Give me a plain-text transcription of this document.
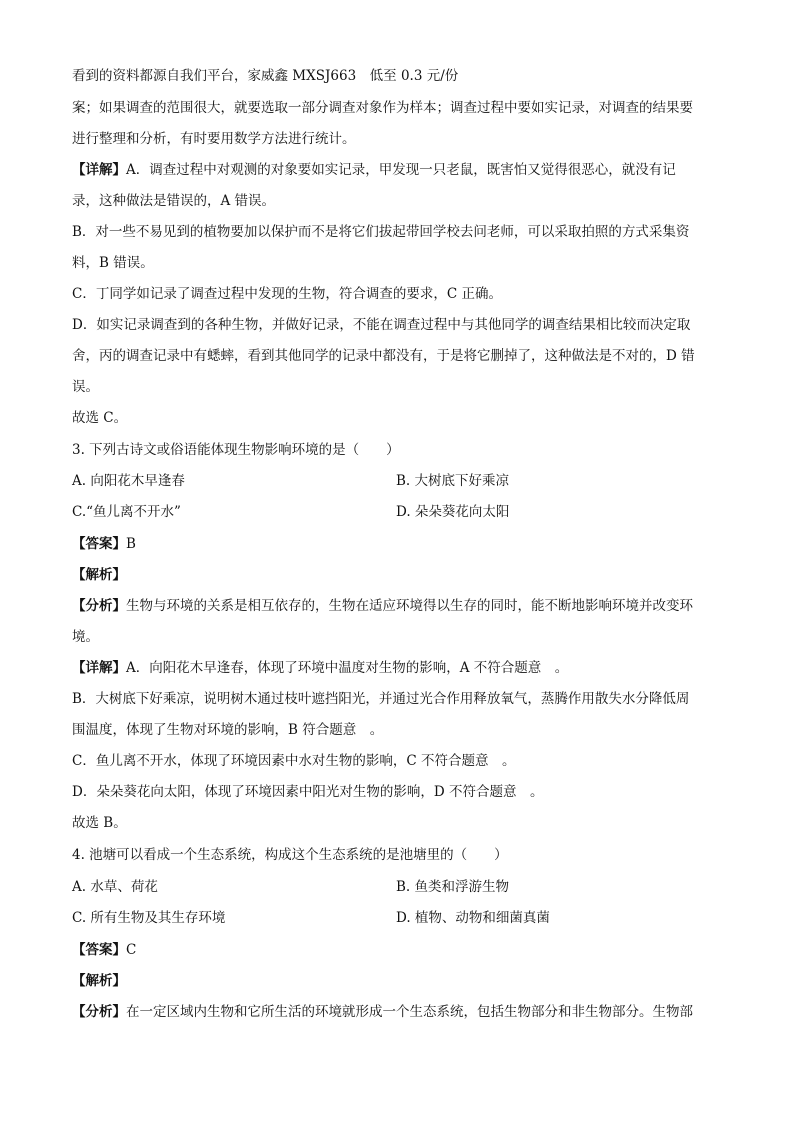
看到的资料都源自我们平台，家威鑫 MXSJ663　低至 0.3 元/份
案；如果调查的范围很大，就要选取一部分调查对象作为样本；调查过程中要如实记录，对调查的结果要
进行整理和分析，有时要用数学方法进行统计。
【详解】A．调查过程中对观测的对象要如实记录，甲发现一只老鼠，既害怕又觉得很恶心，就没有记
录，这种做法是错误的，A 错误。
B．对一些不易见到的植物要加以保护而不是将它们拔起带回学校去问老师，可以采取拍照的方式采集资
料，B 错误。
C．丁同学如记录了调查过程中发现的生物，符合调查的要求，C 正确。
D．如实记录调查到的各种生物，并做好记录，不能在调查过程中与其他同学的调查结果相比较而决定取
舍，丙的调查记录中有蟋蟀，看到其他同学的记录中都没有，于是将它删掉了，这种做法是不对的，D 错
误。
故选 C。
3. 下列古诗文或俗语能体现生物影响环境的是（　　）
A. 向阳花木早逢春	B. 大树底下好乘凉
C.“鱼儿离不开水”	D. 朵朵葵花向太阳
【答案】B
【解析】
【分析】生物与环境的关系是相互依存的，生物在适应环境得以生存的同时，能不断地影响环境并改变环
境。
【详解】A．向阳花木早逢春，体现了环境中温度对生物的影响，A 不符合题意　。
B．大树底下好乘凉，说明树木通过枝叶遮挡阳光，并通过光合作用释放氧气，蒸腾作用散失水分降低周
围温度，体现了生物对环境的影响，B 符合题意　。
C．鱼儿离不开水，体现了环境因素中水对生物的影响，C 不符合题意　。
D．朵朵葵花向太阳，体现了环境因素中阳光对生物的影响，D 不符合题意　。
故选 B。
4. 池塘可以看成一个生态系统，构成这个生态系统的是池塘里的（　　）
A. 水草、荷花	B. 鱼类和浮游生物
C. 所有生物及其生存环境	D. 植物、动物和细菌真菌
【答案】C
【解析】
【分析】在一定区域内生物和它所生活的环境就形成一个生态系统，包括生物部分和非生物部分。生物部
